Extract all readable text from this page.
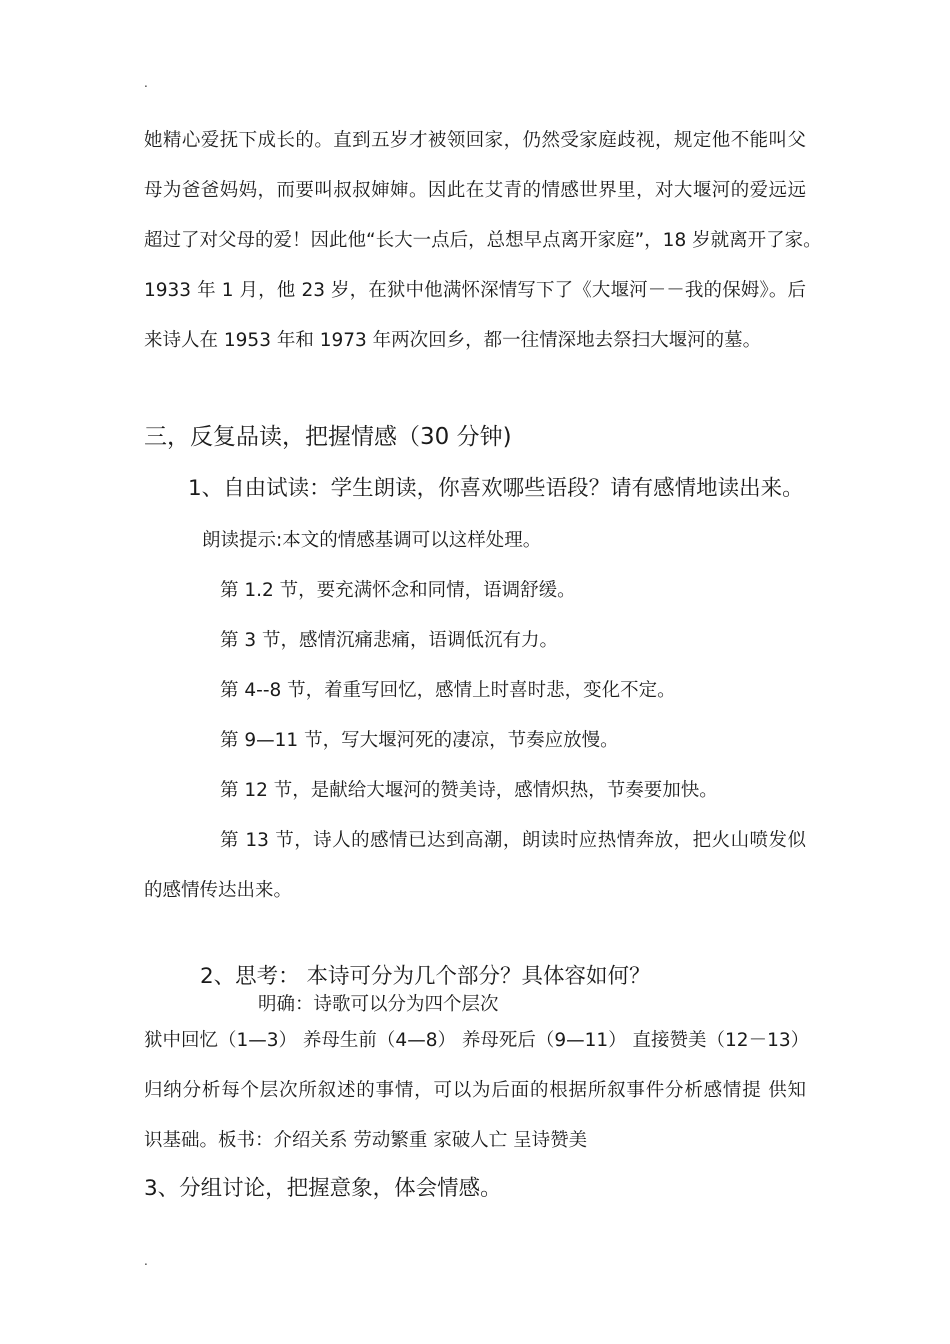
.
她精心爱抚下成长的。直到五岁才被领回家，仍然受家庭歧视，规定他不能叫父
母为爸爸妈妈，而要叫叔叔婶婶。因此在艾青的情感世界里，对大堰河的爱远远
超过了对父母的爱！因此他“长大一点后，总想早点离开家庭”，18 岁就离开了家。
1933 年 1 月，他 23 岁，在狱中他满怀深情写下了《大堰河－－我的保姆》。后
来诗人在 1953 年和 1973 年两次回乡，都一往情深地去祭扫大堰河的墓。
三，反复品读，把握情感（30 分钟)
1、自由试读：学生朗读，你喜欢哪些语段？请有感情地读出来。
朗读提示:本文的情感基调可以这样处理。
第 1.2 节，要充满怀念和同情，语调舒缓。
第 3 节，感情沉痛悲痛，语调低沉有力。
第 4--8 节，着重写回忆，感情上时喜时悲，变化不定。
第 9—11 节，写大堰河死的凄凉，节奏应放慢。
第 12 节，是献给大堰河的赞美诗，感情炽热，节奏要加快。
第 13 节，诗人的感情已达到高潮，朗读时应热情奔放，把火山喷发似
的感情传达出来。
2、思考： 本诗可分为几个部分？具体容如何？
明确：诗歌可以分为四个层次
狱中回忆（1—3） 养母生前（4—8） 养母死后（9—11） 直接赞美（12－13）
归纳分析每个层次所叙述的事情，可以为后面的根据所叙事件分析感情提 供知
识基础。板书：介绍关系 劳动繁重 家破人亡 呈诗赞美
3、分组讨论，把握意象，体会情感。
.
